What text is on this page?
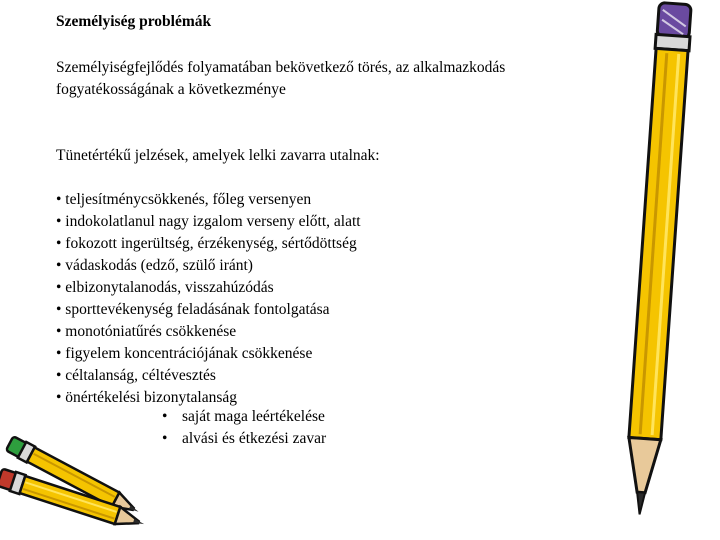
Személyiség problémák
Személyiségfejlődés folyamatában bekövetkező törés, az alkalmazkodás
fogyatékosságának a következménye
Tünetértékű jelzések, amelyek lelki zavarra utalnak:
• teljesítménycsökkenés, főleg versenyen
• indokolatlanul nagy izgalom verseny előtt, alatt
• fokozott ingerültség, érzékenység, sértődöttség
• vádaskodás (edző, szülő iránt)
• elbizonytalanodás, visszahúzódás
• sporttevékenység feladásának fontolgatása
• monotóniatűrés csökkenése
• figyelem koncentrációjának csökkenése
• céltalanság, céltévesztés
• önértékelési bizonytalanság
• saját maga leértékelése
• alvási és étkezési zavar
